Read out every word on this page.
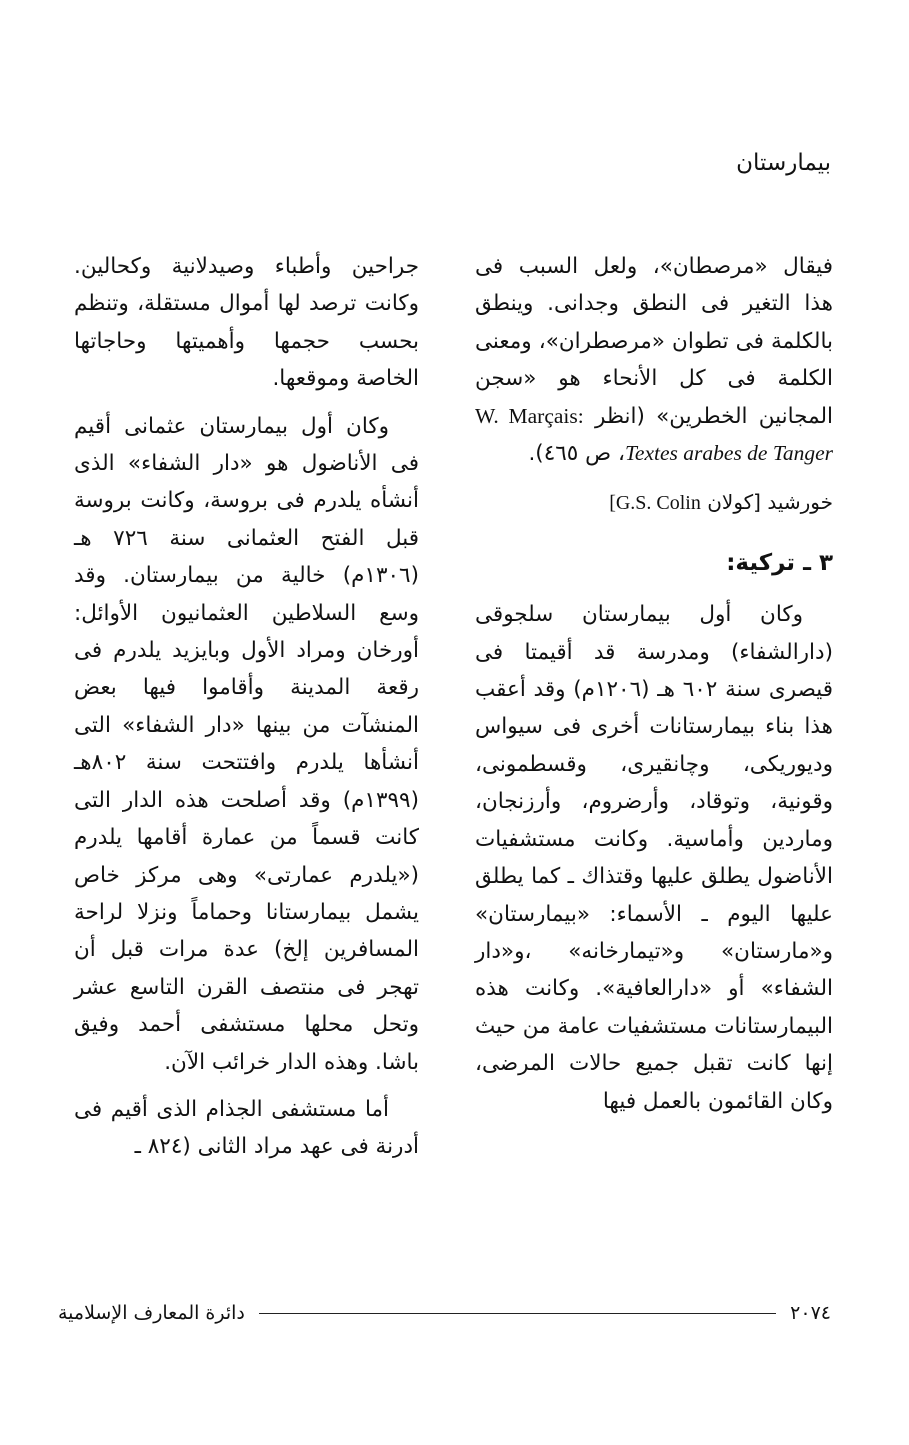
بيمارستان

فيقال «مرصطان»، ولعل السبب فى هذا التغير فى النطق وجدانى. وينطق بالكلمة فى تطوان «مرصطران»، ومعنى الكلمة فى كل الأنحاء هو «سجن المجانين الخطرين» (انظر W. Marçais: Textes arabes de Tanger، ص ٤٦٥).

خورشيد [كولان [G.S. Colin

٣ ـ تركية:

وكان أول بيمارستان سلجوقى (دارالشفاء) ومدرسة قد أقيمتا فى قيصرى سنة ٦٠٢ هـ (١٢٠٦م) وقد أعقب هذا بناء بيمارستانات أخرى فى سيواس وديوريكى، وچانقيرى، وقسطمونى، وقونية، وتوقاد، وأرضروم، وأرزنجان، وماردين وأماسية. وكانت مستشفيات الأناضول يطلق عليها وقتذاك ـ كما يطلق عليها اليوم ـ الأسماء: «بيمارستان» و«مارستان» و«تيمارخانه» ،و«دار الشفاء» أو «دارالعافية». وكانت هذه البيمارستانات مستشفيات عامة من حيث إنها كانت تقبل جميع حالات المرضى، وكان القائمون بالعمل فيها

جراحين وأطباء وصيدلانية وكحالين. وكانت ترصد لها أموال مستقلة، وتنظم بحسب حجمها وأهميتها وحاجاتها الخاصة وموقعها.

وكان أول بيمارستان عثمانى أقيم فى الأناضول هو «دار الشفاء» الذى أنشأه يلدرم فى بروسة، وكانت بروسة قبل الفتح العثمانى سنة ٧٢٦ هـ (١٣٠٦م) خالية من بيمارستان. وقد وسع السلاطين العثمانيون الأوائل: أورخان ومراد الأول وبايزيد يلدرم فى رقعة المدينة وأقاموا فيها بعض المنشآت من بينها «دار الشفاء» التى أنشأها يلدرم وافتتحت سنة ٨٠٢هـ (١٣٩٩م) وقد أصلحت هذه الدار التى كانت قسماً من عمارة أقامها يلدرم («يلدرم عمارتى» وهى مركز خاص يشمل بيمارستانا وحماماً ونزلا لراحة المسافرين إلخ) عدة مرات قبل أن تهجر فى منتصف القرن التاسع عشر وتحل محلها مستشفى أحمد وفيق باشا. وهذه الدار خرائب الآن.

أما مستشفى الجذام الذى أقيم فى أدرنة فى عهد مراد الثانى (٨٢٤ ـ

دائرة المعارف الإسلامية	٢٠٧٤
